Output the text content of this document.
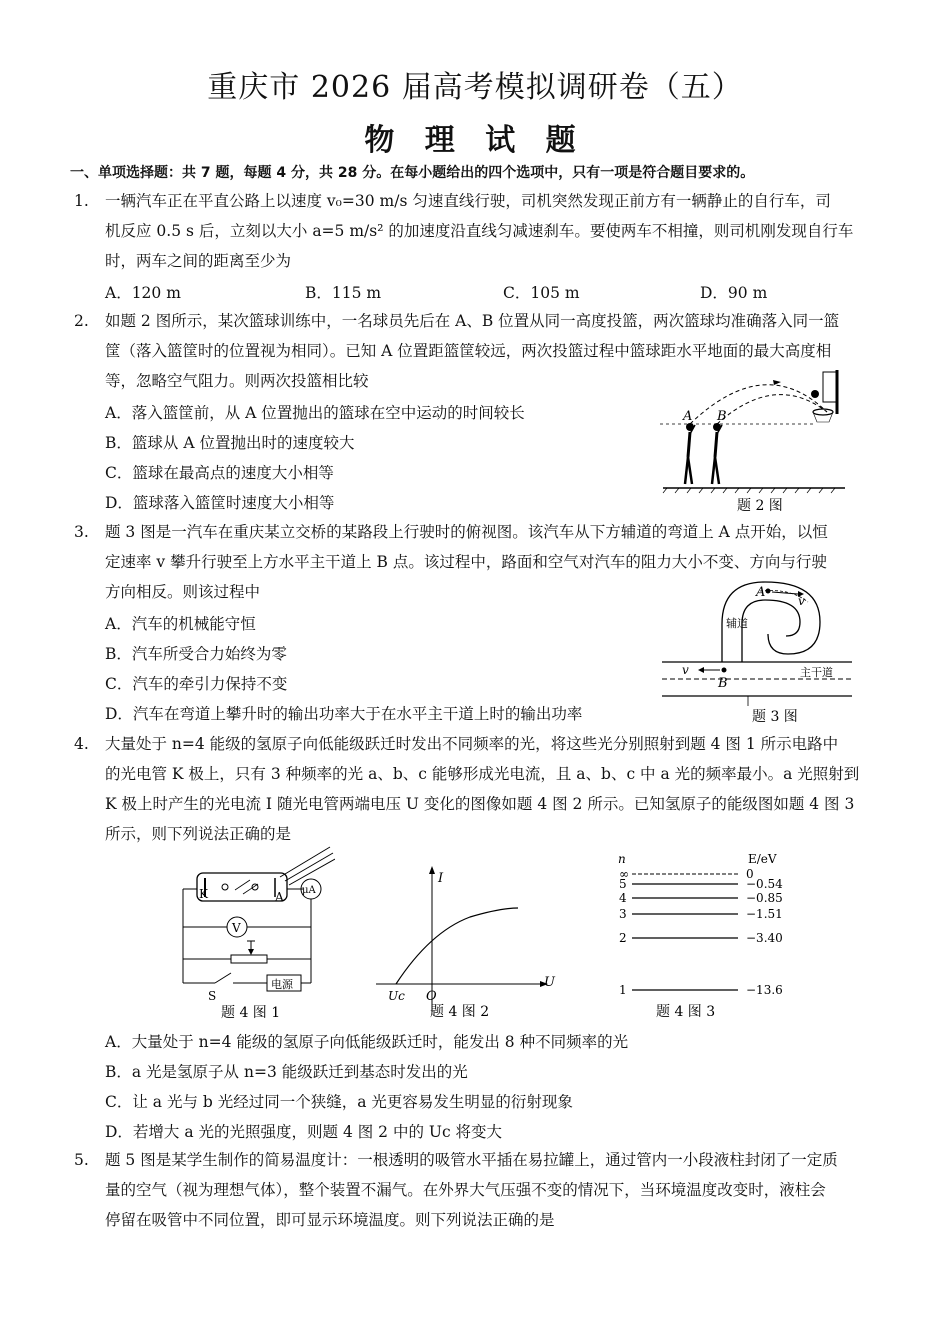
重庆市 2026 届高考模拟调研卷（五）
物 理 试 题
一、单项选择题：共 7 题，每题 4 分，共 28 分。在每小题给出的四个选项中，只有一项是符合题目要求的。
1. 一辆汽车正在平直公路上以速度 v₀=30 m/s 匀速直线行驶，司机突然发现正前方有一辆静止的自行车，司
机反应 0.5 s 后，立刻以大小 a=5 m/s² 的加速度沿直线匀减速刹车。要使两车不相撞，则司机刚发现自行车
时，两车之间的距离至少为
A．120 m	B．115 m	C．105 m	D．90 m
2. 如题 2 图所示，某次篮球训练中，一名球员先后在 A、B 位置从同一高度投篮，两次篮球均准确落入同一篮
筐（落入篮筐时的位置视为相同）。已知 A 位置距篮筐较远，两次投篮过程中篮球距水平地面的最大高度相
等，忽略空气阻力。则两次投篮相比较
A．落入篮筐前，从 A 位置抛出的篮球在空中运动的时间较长
B．篮球从 A 位置抛出时的速度较大
C．篮球在最高点的速度大小相等
D．篮球落入篮筐时速度大小相等
A B
题 2 图
3. 题 3 图是一汽车在重庆某立交桥的某路段上行驶时的俯视图。该汽车从下方辅道的弯道上 A 点开始，以恒
定速率 v 攀升行驶至上方水平主干道上 B 点。该过程中，路面和空气对汽车的阻力大小不变、方向与行驶
方向相反。则该过程中
A．汽车的机械能守恒
B．汽车所受合力始终为零
C．汽车的牵引力保持不变
D．汽车在弯道上攀升时的输出功率大于在水平主干道上时的输出功率
A
v
辅道
v
B
主干道
题 3 图
4. 大量处于 n=4 能级的氢原子向低能级跃迁时发出不同频率的光，将这些光分别照射到题 4 图 1 所示电路中
的光电管 K 极上，只有 3 种频率的光 a、b、c 能够形成光电流，且 a、b、c 中 a 光的频率最小。a 光照射到
K 极上时产生的光电流 I 随光电管两端电压 U 变化的图像如题 4 图 2 所示。已知氢原子的能级图如题 4 图 3
所示，则下列说法正确的是
K	A μA
V
电源
S
题 4 图 1
I
U
O
Uc
题 4 图 2
n	E/eV
∞	0
5	−0.54
4	−0.85
3	−1.51
2	−3.40
1	−13.6
题 4 图 3
A．大量处于 n=4 能级的氢原子向低能级跃迁时，能发出 8 种不同频率的光
B．a 光是氢原子从 n=3 能级跃迁到基态时发出的光
C．让 a 光与 b 光经过同一个狭缝，a 光更容易发生明显的衍射现象
D．若增大 a 光的光照强度，则题 4 图 2 中的 Uc 将变大
5. 题 5 图是某学生制作的简易温度计：一根透明的吸管水平插在易拉罐上，通过管内一小段液柱封闭了一定质
量的空气（视为理想气体），整个装置不漏气。在外界大气压强不变的情况下，当环境温度改变时，液柱会
停留在吸管中不同位置，即可显示环境温度。则下列说法正确的是
